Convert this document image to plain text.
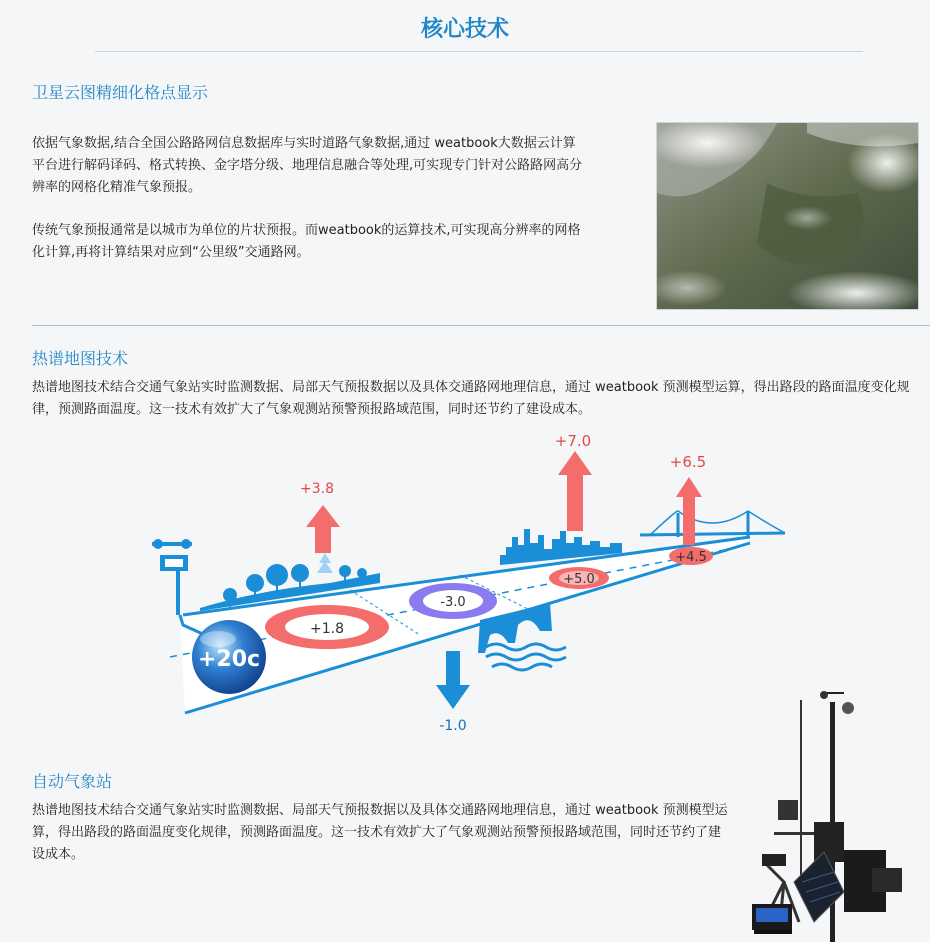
核心技术
卫星云图精细化格点显示
依据气象数据,结合全国公路路网信息数据库与实时道路气象数据,通过 weatbook大数据云计算平台进行解码译码、格式转换、金字塔分级、地理信息融合等处理,可实现专门针对公路路网高分辨率的网格化精准气象预报。
传统气象预报通常是以城市为单位的片状预报。而weatbook的运算技术,可实现高分辨率的网格化计算,再将计算结果对应到“公里级”交通路网。
热谱地图技术
热谱地图技术结合交通气象站实时监测数据、局部天气预报数据以及具体交通路网地理信息，通过 weatbook 预测模型运算，得出路段的路面温度变化规律，预测路面温度。这一技术有效扩大了气象观测站预警预报路域范围，同时还节约了建设成本。
+1.8
-3.0
+5.0
+4.5
+3.8
-1.0
+7.0
+6.5
+20c
自动气象站
热谱地图技术结合交通气象站实时监测数据、局部天气预报数据以及具体交通路网地理信息，通过 weatbook 预测模型运算，得出路段的路面温度变化规律，预测路面温度。这一技术有效扩大了气象观测站预警预报路域范围，同时还节约了建设成本。
